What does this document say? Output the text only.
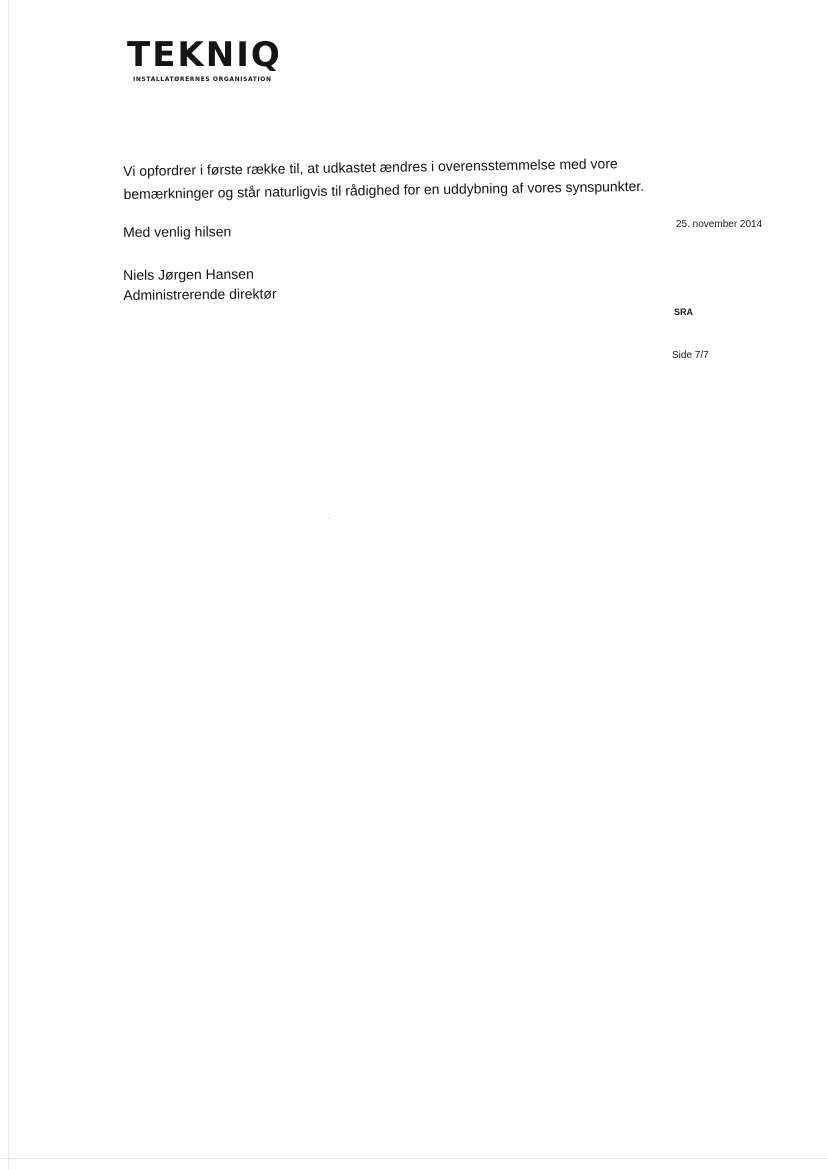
TEKNIQ
INSTALLATØRERNES ORGANISATION

Vi opfordrer i første række til, at udkastet ændres i overensstemmelse med vore

bemærkninger og står naturligvis til rådighed for en uddybning af vores synspunkter.

Med venlig hilsen
Niels Jørgen Hansen
Administrerende direktør
25. november 2014
SRA
Side 7/7
